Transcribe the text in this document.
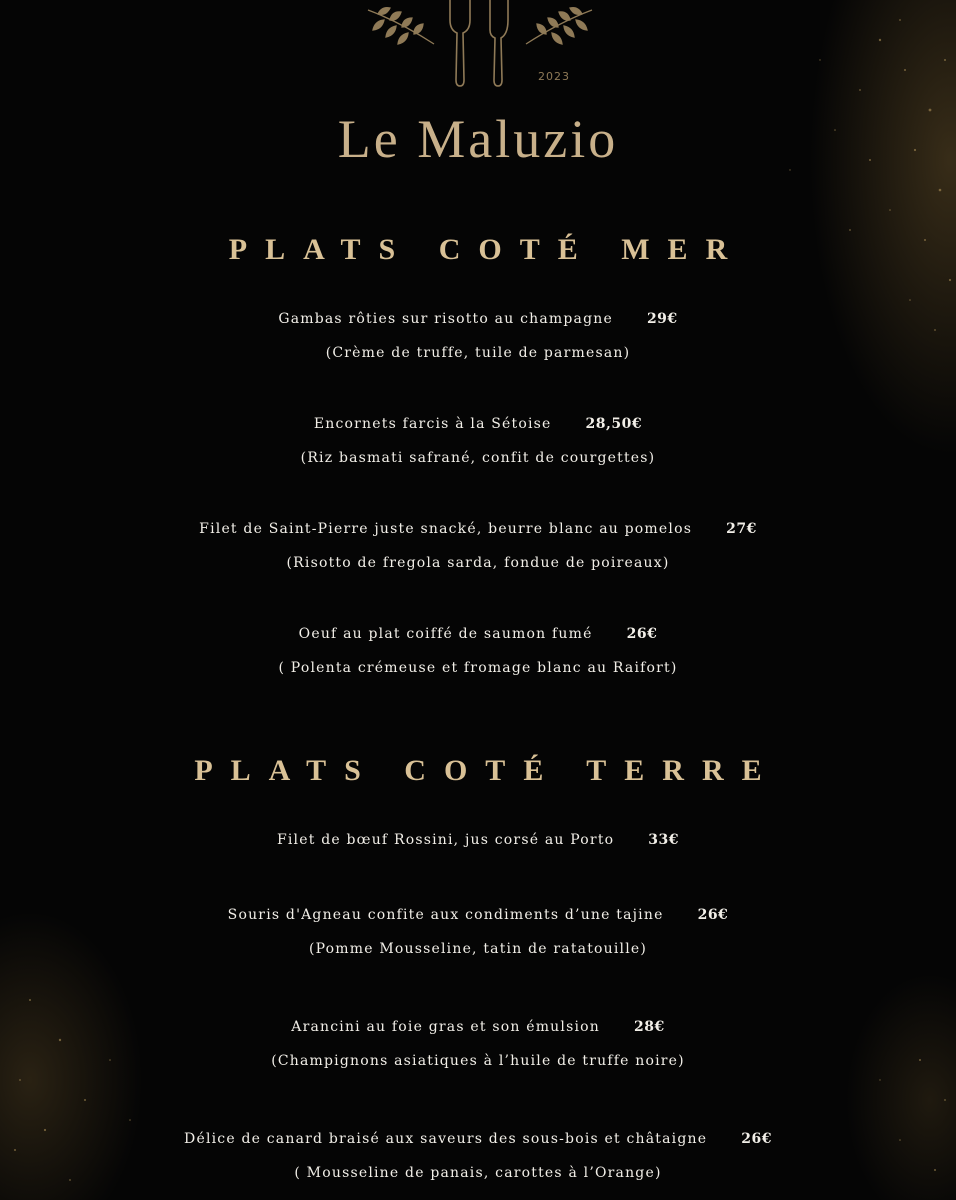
2023
Le Maluzio
PLATS COTÉ MER
Gambas rôties sur risotto au champagne 29€
(Crème de truffe, tuile de parmesan)
Encornets farcis à la Sétoise 28,50€
(Riz basmati safrané, confit de courgettes)
Filet de Saint-Pierre juste snacké, beurre blanc au pomelos 27€
(Risotto de fregola sarda, fondue de poireaux)
Oeuf au plat coiffé de saumon fumé 26€
( Polenta crémeuse et fromage blanc au Raifort)
PLATS COTÉ TERRE
Filet de bœuf Rossini, jus corsé au Porto 33€
Souris d'Agneau confite aux condiments d’une tajine 26€
(Pomme Mousseline, tatin de ratatouille)
Arancini au foie gras et son émulsion 28€
(Champignons asiatiques à l’huile de truffe noire)
Délice de canard braisé aux saveurs des sous-bois et châtaigne 26€
( Mousseline de panais, carottes à l’Orange)
